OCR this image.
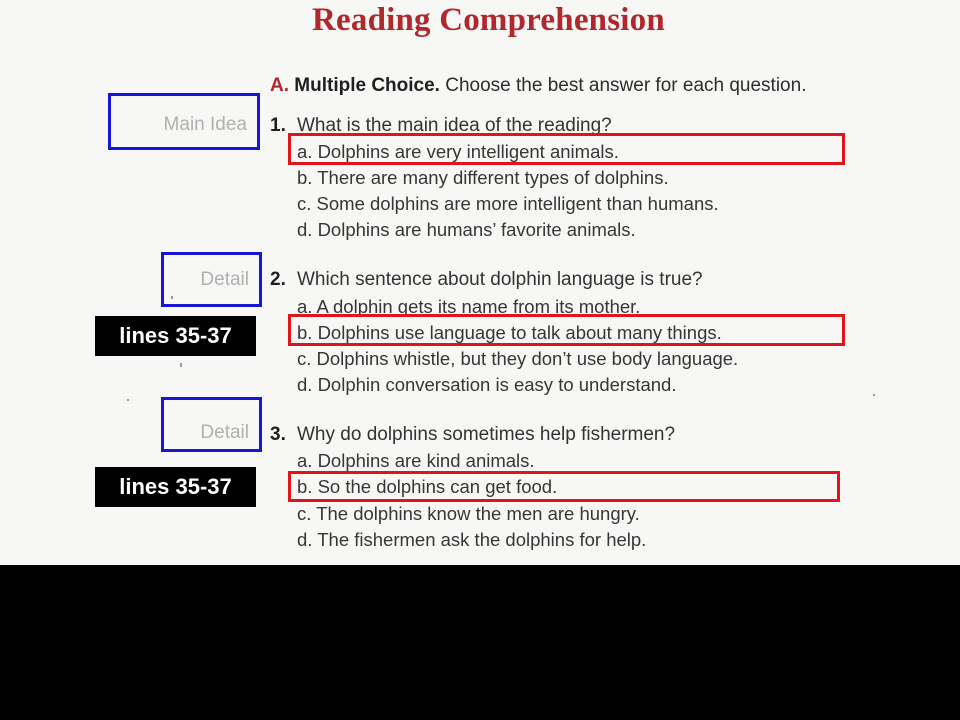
Reading Comprehension
A. Multiple Choice. Choose the best answer for each question.
Main Idea	1. What is the main idea of the reading?
a. Dolphins are very intelligent animals.
b. There are many different types of dolphins.
c. Some dolphins are more intelligent than humans.
d. Dolphins are humans’ favorite animals.
Detail	2. Which sentence about dolphin language is true?
a. A dolphin gets its name from its mother.
b. Dolphins use language to talk about many things.
c. Dolphins whistle, but they don’t use body language.
d. Dolphin conversation is easy to understand.
lines 35-37
Detail	3. Why do dolphins sometimes help fishermen?
a. Dolphins are kind animals.
b. So the dolphins can get food.
c. The dolphins know the men are hungry.
d. The fishermen ask the dolphins for help.
lines 35-37
